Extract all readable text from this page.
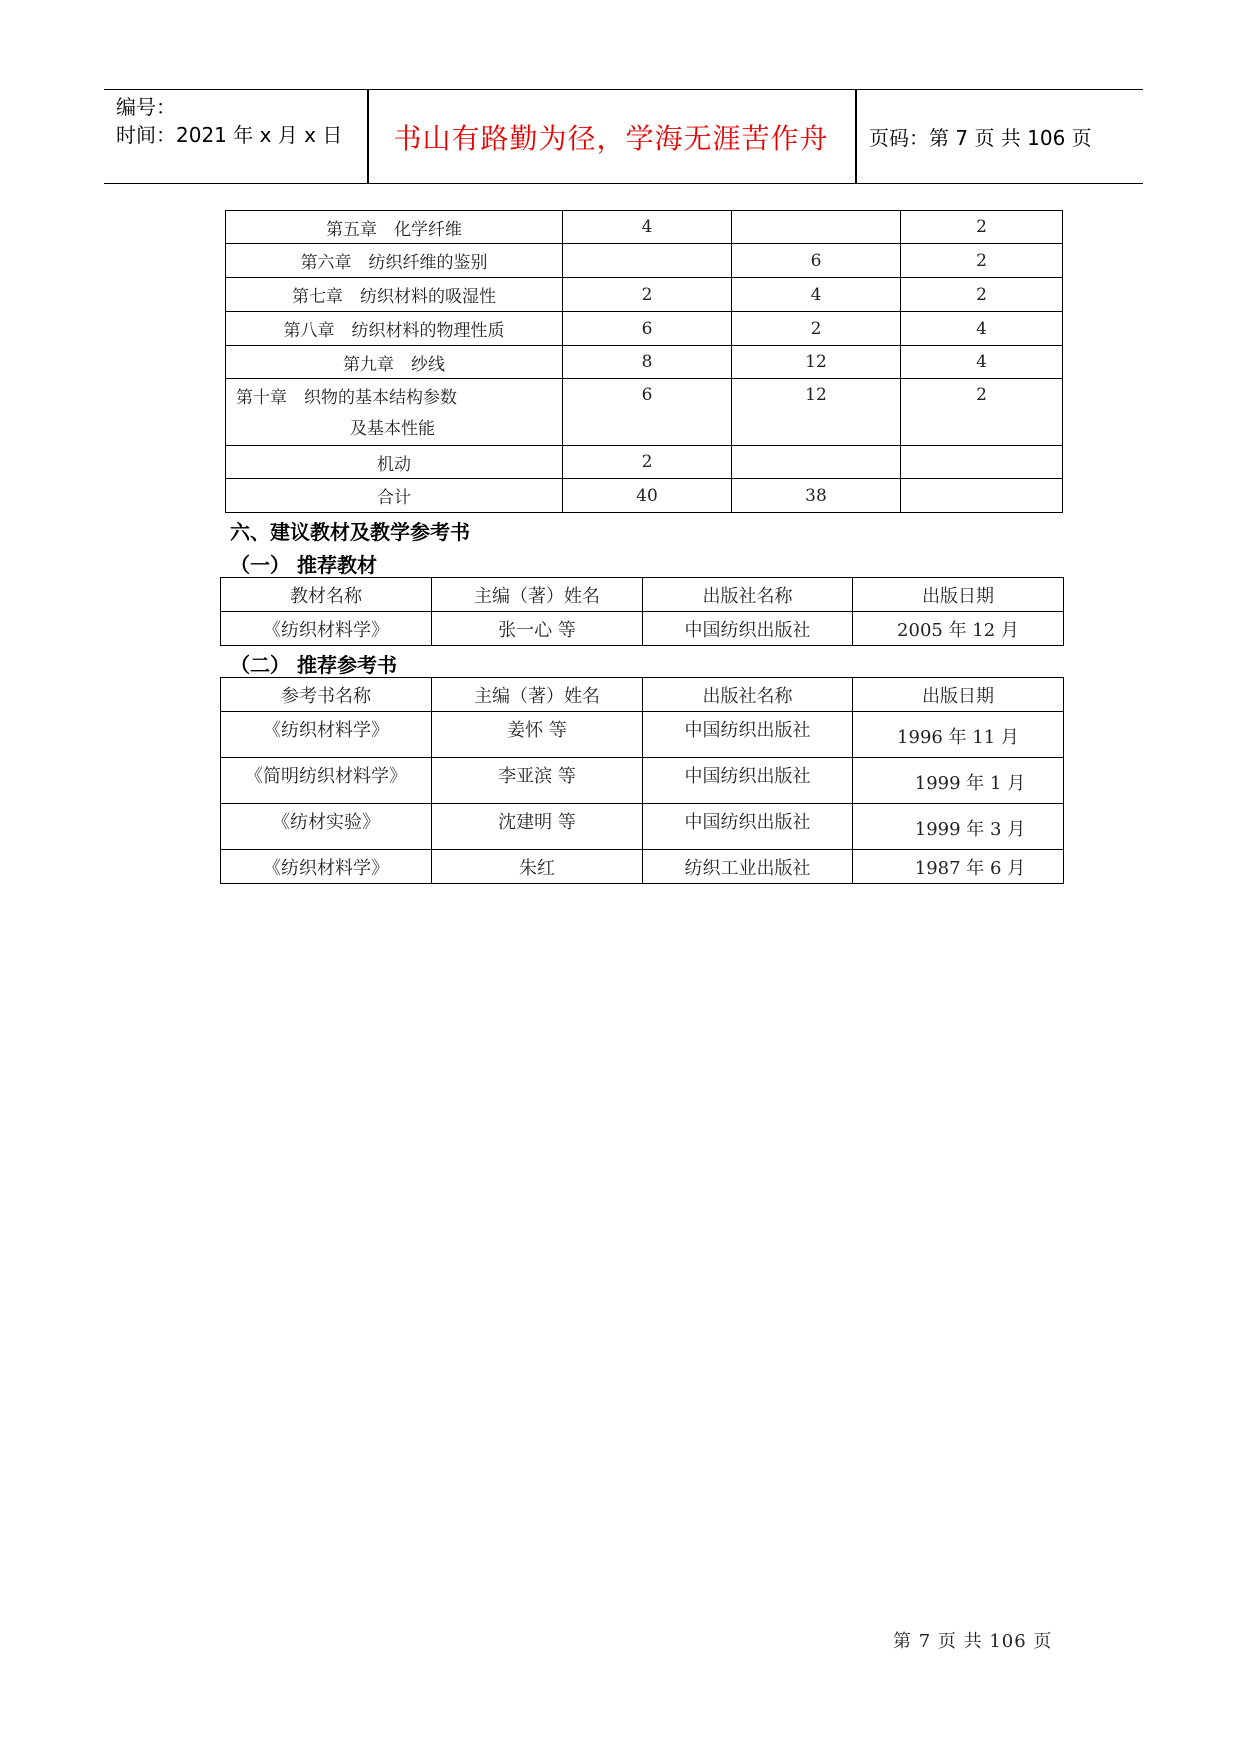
编号：
时间：2021 年 x 月 x 日	书山有路勤为径，学海无涯苦作舟	页码：第 7 页 共 106 页
第五章　化学纤维	4		2
第六章　纺织纤维的鉴别		6	2
第七章　纺织材料的吸湿性	2	4	2
第八章　纺织材料的物理性质	6	2	4
第九章　纱线	8	12	4

第十章　织物的基本结构参数
及基本性能	6	12	2
机动	2		
合计	40	38	
六、建议教材及教学参考书
（一） 推荐教材
教材名称	主编（著）姓名	出版社名称	出版日期
《纺织材料学》	张一心 等	中国纺织出版社	2005 年 12 月
（二） 推荐参考书
参考书名称	主编（著）姓名	出版社名称	出版日期
《纺织材料学》	姜怀 等	中国纺织出版社	1996 年 11 月
《简明纺织材料学》	李亚滨 等	中国纺织出版社	1999 年 1 月
《纺材实验》	沈建明 等	中国纺织出版社	1999 年 3 月
《纺织材料学》	朱红	纺织工业出版社	1987 年 6 月
第 7 页 共 106 页
